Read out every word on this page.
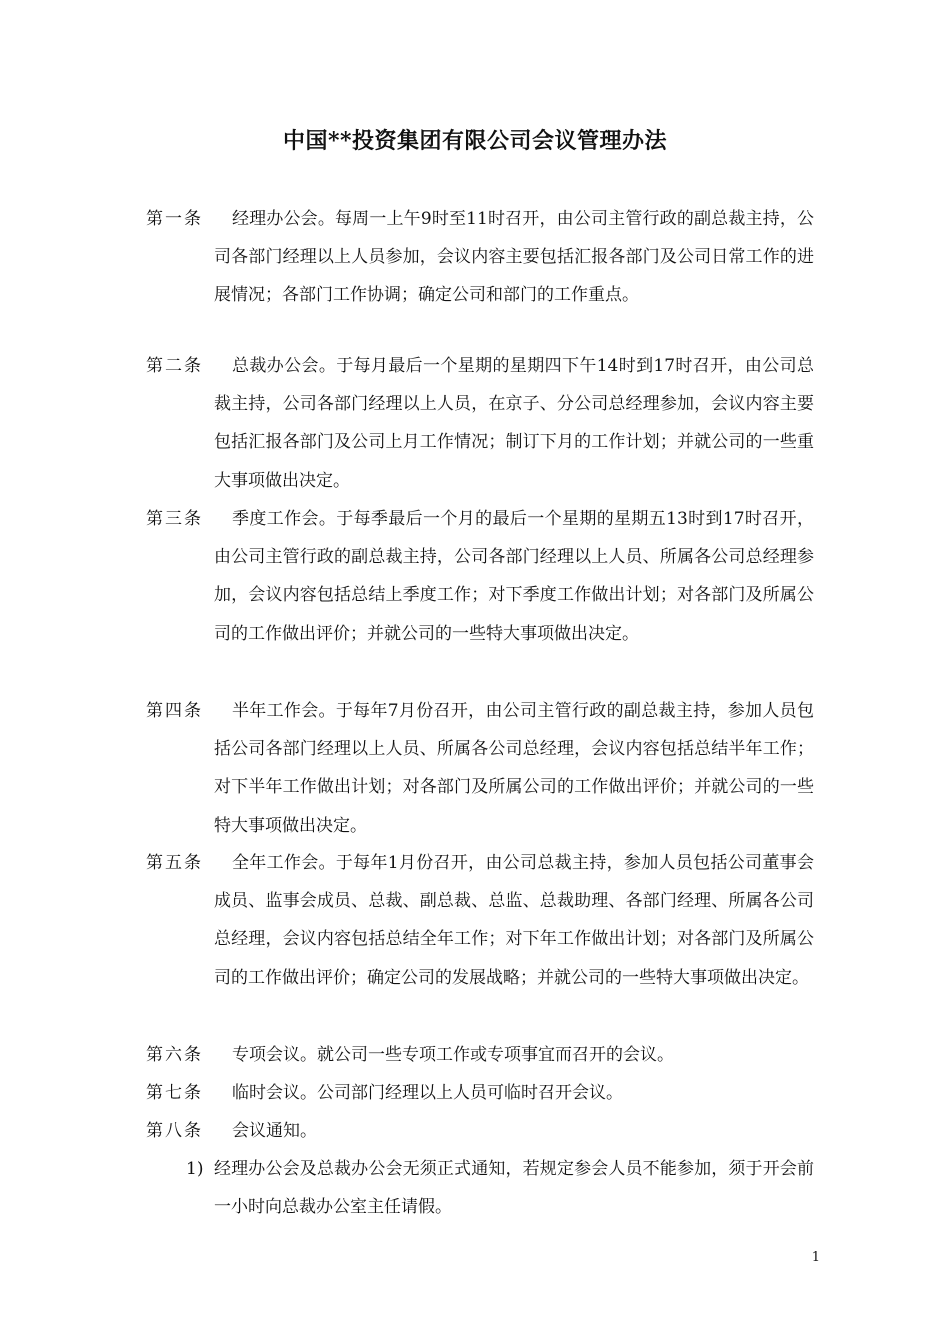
中国**投资集团有限公司会议管理办法
第一条	经理办公会。每周一上午9时至11时召开，由公司主管行政的副总裁主持，公司各部门经理以上人员参加，会议内容主要包括汇报各部门及公司日常工作的进展情况；各部门工作协调；确定公司和部门的工作重点。
第二条	总裁办公会。于每月最后一个星期的星期四下午14时到17时召开，由公司总裁主持，公司各部门经理以上人员，在京子、分公司总经理参加，会议内容主要包括汇报各部门及公司上月工作情况；制订下月的工作计划；并就公司的一些重大事项做出决定。
第三条	季度工作会。于每季最后一个月的最后一个星期的星期五13时到17时召开，由公司主管行政的副总裁主持，公司各部门经理以上人员、所属各公司总经理参加，会议内容包括总结上季度工作；对下季度工作做出计划；对各部门及所属公司的工作做出评价；并就公司的一些特大事项做出决定。
第四条	半年工作会。于每年7月份召开，由公司主管行政的副总裁主持，参加人员包括公司各部门经理以上人员、所属各公司总经理，会议内容包括总结半年工作；对下半年工作做出计划；对各部门及所属公司的工作做出评价；并就公司的一些特大事项做出决定。
第五条	全年工作会。于每年1月份召开，由公司总裁主持，参加人员包括公司董事会成员、监事会成员、总裁、副总裁、总监、总裁助理、各部门经理、所属各公司总经理，会议内容包括总结全年工作；对下年工作做出计划；对各部门及所属公司的工作做出评价；确定公司的发展战略；并就公司的一些特大事项做出决定。
第六条	专项会议。就公司一些专项工作或专项事宜而召开的会议。
第七条	临时会议。公司部门经理以上人员可临时召开会议。
第八条	会议通知。
1) 经理办公会及总裁办公会无须正式通知，若规定参会人员不能参加，须于开会前一小时向总裁办公室主任请假。
1
